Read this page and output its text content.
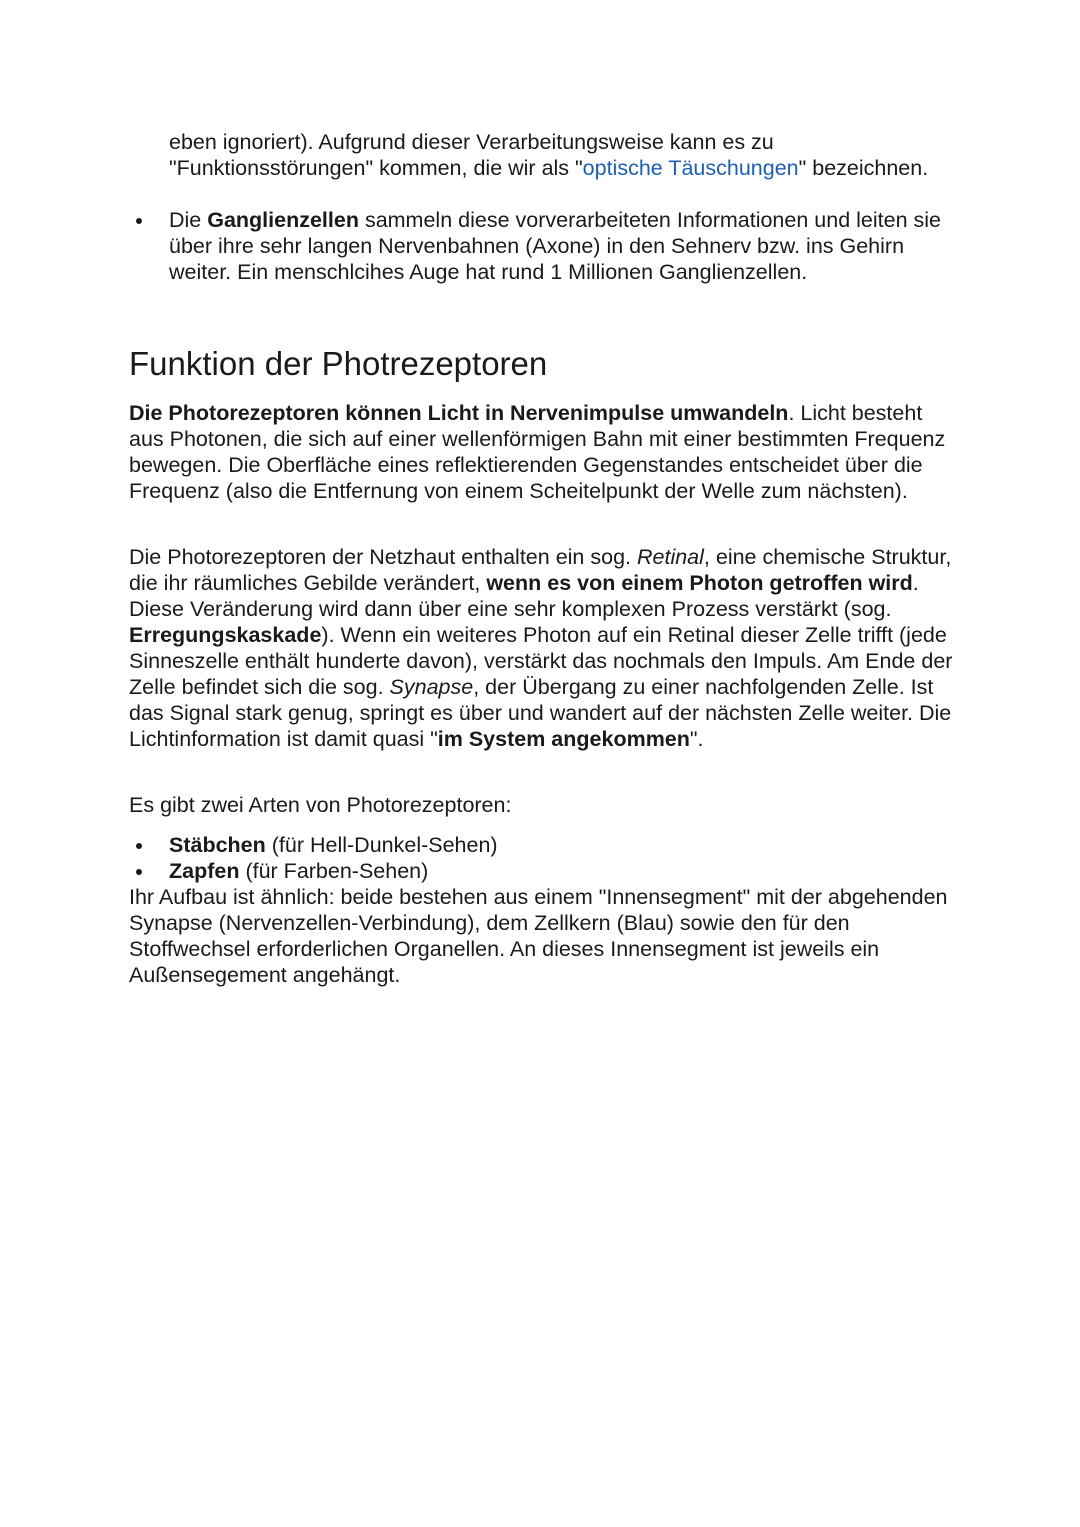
eben ignoriert). Aufgrund dieser Verarbeitungsweise kann es zu "Funktionsstörungen" kommen, die wir als "optische Täuschungen" bezeichnen.

Die Ganglienzellen sammeln diese vorverarbeiteten Informationen und leiten sie über ihre sehr langen Nervenbahnen (Axone) in den Sehnerv bzw. ins Gehirn weiter. Ein menschlcihes Auge hat rund 1 Millionen Ganglienzellen.

Funktion der Photrezeptoren

Die Photorezeptoren können Licht in Nervenimpulse umwandeln. Licht besteht aus Photonen, die sich auf einer wellenförmigen Bahn mit einer bestimmten Frequenz bewegen. Die Oberfläche eines reflektierenden Gegenstandes entscheidet über die Frequenz (also die Entfernung von einem Scheitelpunkt der Welle zum nächsten).

Die Photorezeptoren der Netzhaut enthalten ein sog. Retinal, eine chemische Struktur, die ihr räumliches Gebilde verändert, wenn es von einem Photon getroffen wird. Diese Veränderung wird dann über eine sehr komplexen Prozess verstärkt (sog. Erregungskaskade). Wenn ein weiteres Photon auf ein Retinal dieser Zelle trifft (jede Sinneszelle enthält hunderte davon), verstärkt das nochmals den Impuls. Am Ende der Zelle befindet sich die sog. Synapse, der Übergang zu einer nachfolgenden Zelle. Ist das Signal stark genug, springt es über und wandert auf der nächsten Zelle weiter. Die Lichtinformation ist damit quasi "im System angekommen".

Es gibt zwei Arten von Photorezeptoren:

Stäbchen (für Hell-Dunkel-Sehen)

Zapfen (für Farben-Sehen)

Ihr Aufbau ist ähnlich: beide bestehen aus einem "Innensegment" mit der abgehenden Synapse (Nervenzellen-Verbindung), dem Zellkern (Blau) sowie den für den Stoffwechsel erforderlichen Organellen. An dieses Innensegment ist jeweils ein Außensegement angehängt.
